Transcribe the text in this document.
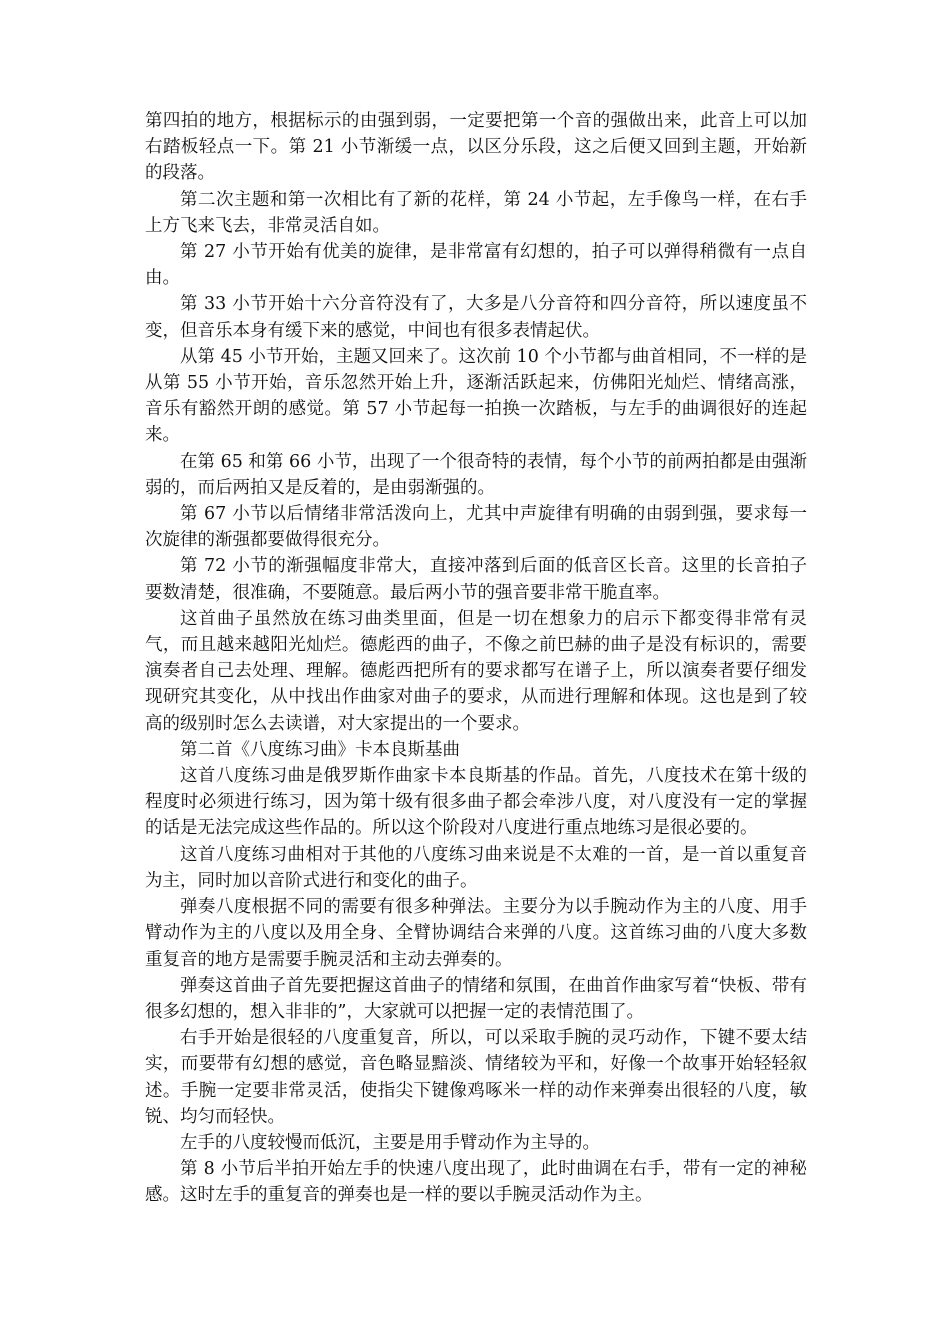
第四拍的地方，根据标示的由强到弱，一定要把第一个音的强做出来，此音上可以加右踏板轻点一下。第 21 小节渐缓一点，以区分乐段，这之后便又回到主题，开始新的段落。

第二次主题和第一次相比有了新的花样，第 24 小节起，左手像鸟一样，在右手上方飞来飞去，非常灵活自如。

第 27 小节开始有优美的旋律，是非常富有幻想的，拍子可以弹得稍微有一点自由。

第 33 小节开始十六分音符没有了，大多是八分音符和四分音符，所以速度虽不变，但音乐本身有缓下来的感觉，中间也有很多表情起伏。

从第 45 小节开始，主题又回来了。这次前 10 个小节都与曲首相同，不一样的是从第 55 小节开始，音乐忽然开始上升，逐渐活跃起来，仿佛阳光灿烂、情绪高涨，音乐有豁然开朗的感觉。第 57 小节起每一拍换一次踏板，与左手的曲调很好的连起来。

在第 65 和第 66 小节，出现了一个很奇特的表情，每个小节的前两拍都是由强渐弱的，而后两拍又是反着的，是由弱渐强的。

第 67 小节以后情绪非常活泼向上，尤其中声旋律有明确的由弱到强，要求每一次旋律的渐强都要做得很充分。

第 72 小节的渐强幅度非常大，直接冲落到后面的低音区长音。这里的长音拍子要数清楚，很准确，不要随意。最后两小节的强音要非常干脆直率。

这首曲子虽然放在练习曲类里面，但是一切在想象力的启示下都变得非常有灵气，而且越来越阳光灿烂。德彪西的曲子，不像之前巴赫的曲子是没有标识的，需要演奏者自己去处理、理解。德彪西把所有的要求都写在谱子上，所以演奏者要仔细发现研究其变化，从中找出作曲家对曲子的要求，从而进行理解和体现。这也是到了较高的级别时怎么去读谱，对大家提出的一个要求。

第二首《八度练习曲》卡本良斯基曲

这首八度练习曲是俄罗斯作曲家卡本良斯基的作品。首先，八度技术在第十级的程度时必须进行练习，因为第十级有很多曲子都会牵涉八度，对八度没有一定的掌握的话是无法完成这些作品的。所以这个阶段对八度进行重点地练习是很必要的。

这首八度练习曲相对于其他的八度练习曲来说是不太难的一首，是一首以重复音为主，同时加以音阶式进行和变化的曲子。

弹奏八度根据不同的需要有很多种弹法。主要分为以手腕动作为主的八度、用手臂动作为主的八度以及用全身、全臂协调结合来弹的八度。这首练习曲的八度大多数重复音的地方是需要手腕灵活和主动去弹奏的。

弹奏这首曲子首先要把握这首曲子的情绪和氛围，在曲首作曲家写着“快板、带有很多幻想的，想入非非的”，大家就可以把握一定的表情范围了。

右手开始是很轻的八度重复音，所以，可以采取手腕的灵巧动作，下键不要太结实，而要带有幻想的感觉，音色略显黯淡、情绪较为平和，好像一个故事开始轻轻叙述。手腕一定要非常灵活，使指尖下键像鸡啄米一样的动作来弹奏出很轻的八度，敏锐、均匀而轻快。

左手的八度较慢而低沉，主要是用手臂动作为主导的。

第 8 小节后半拍开始左手的快速八度出现了，此时曲调在右手，带有一定的神秘感。这时左手的重复音的弹奏也是一样的要以手腕灵活动作为主。
